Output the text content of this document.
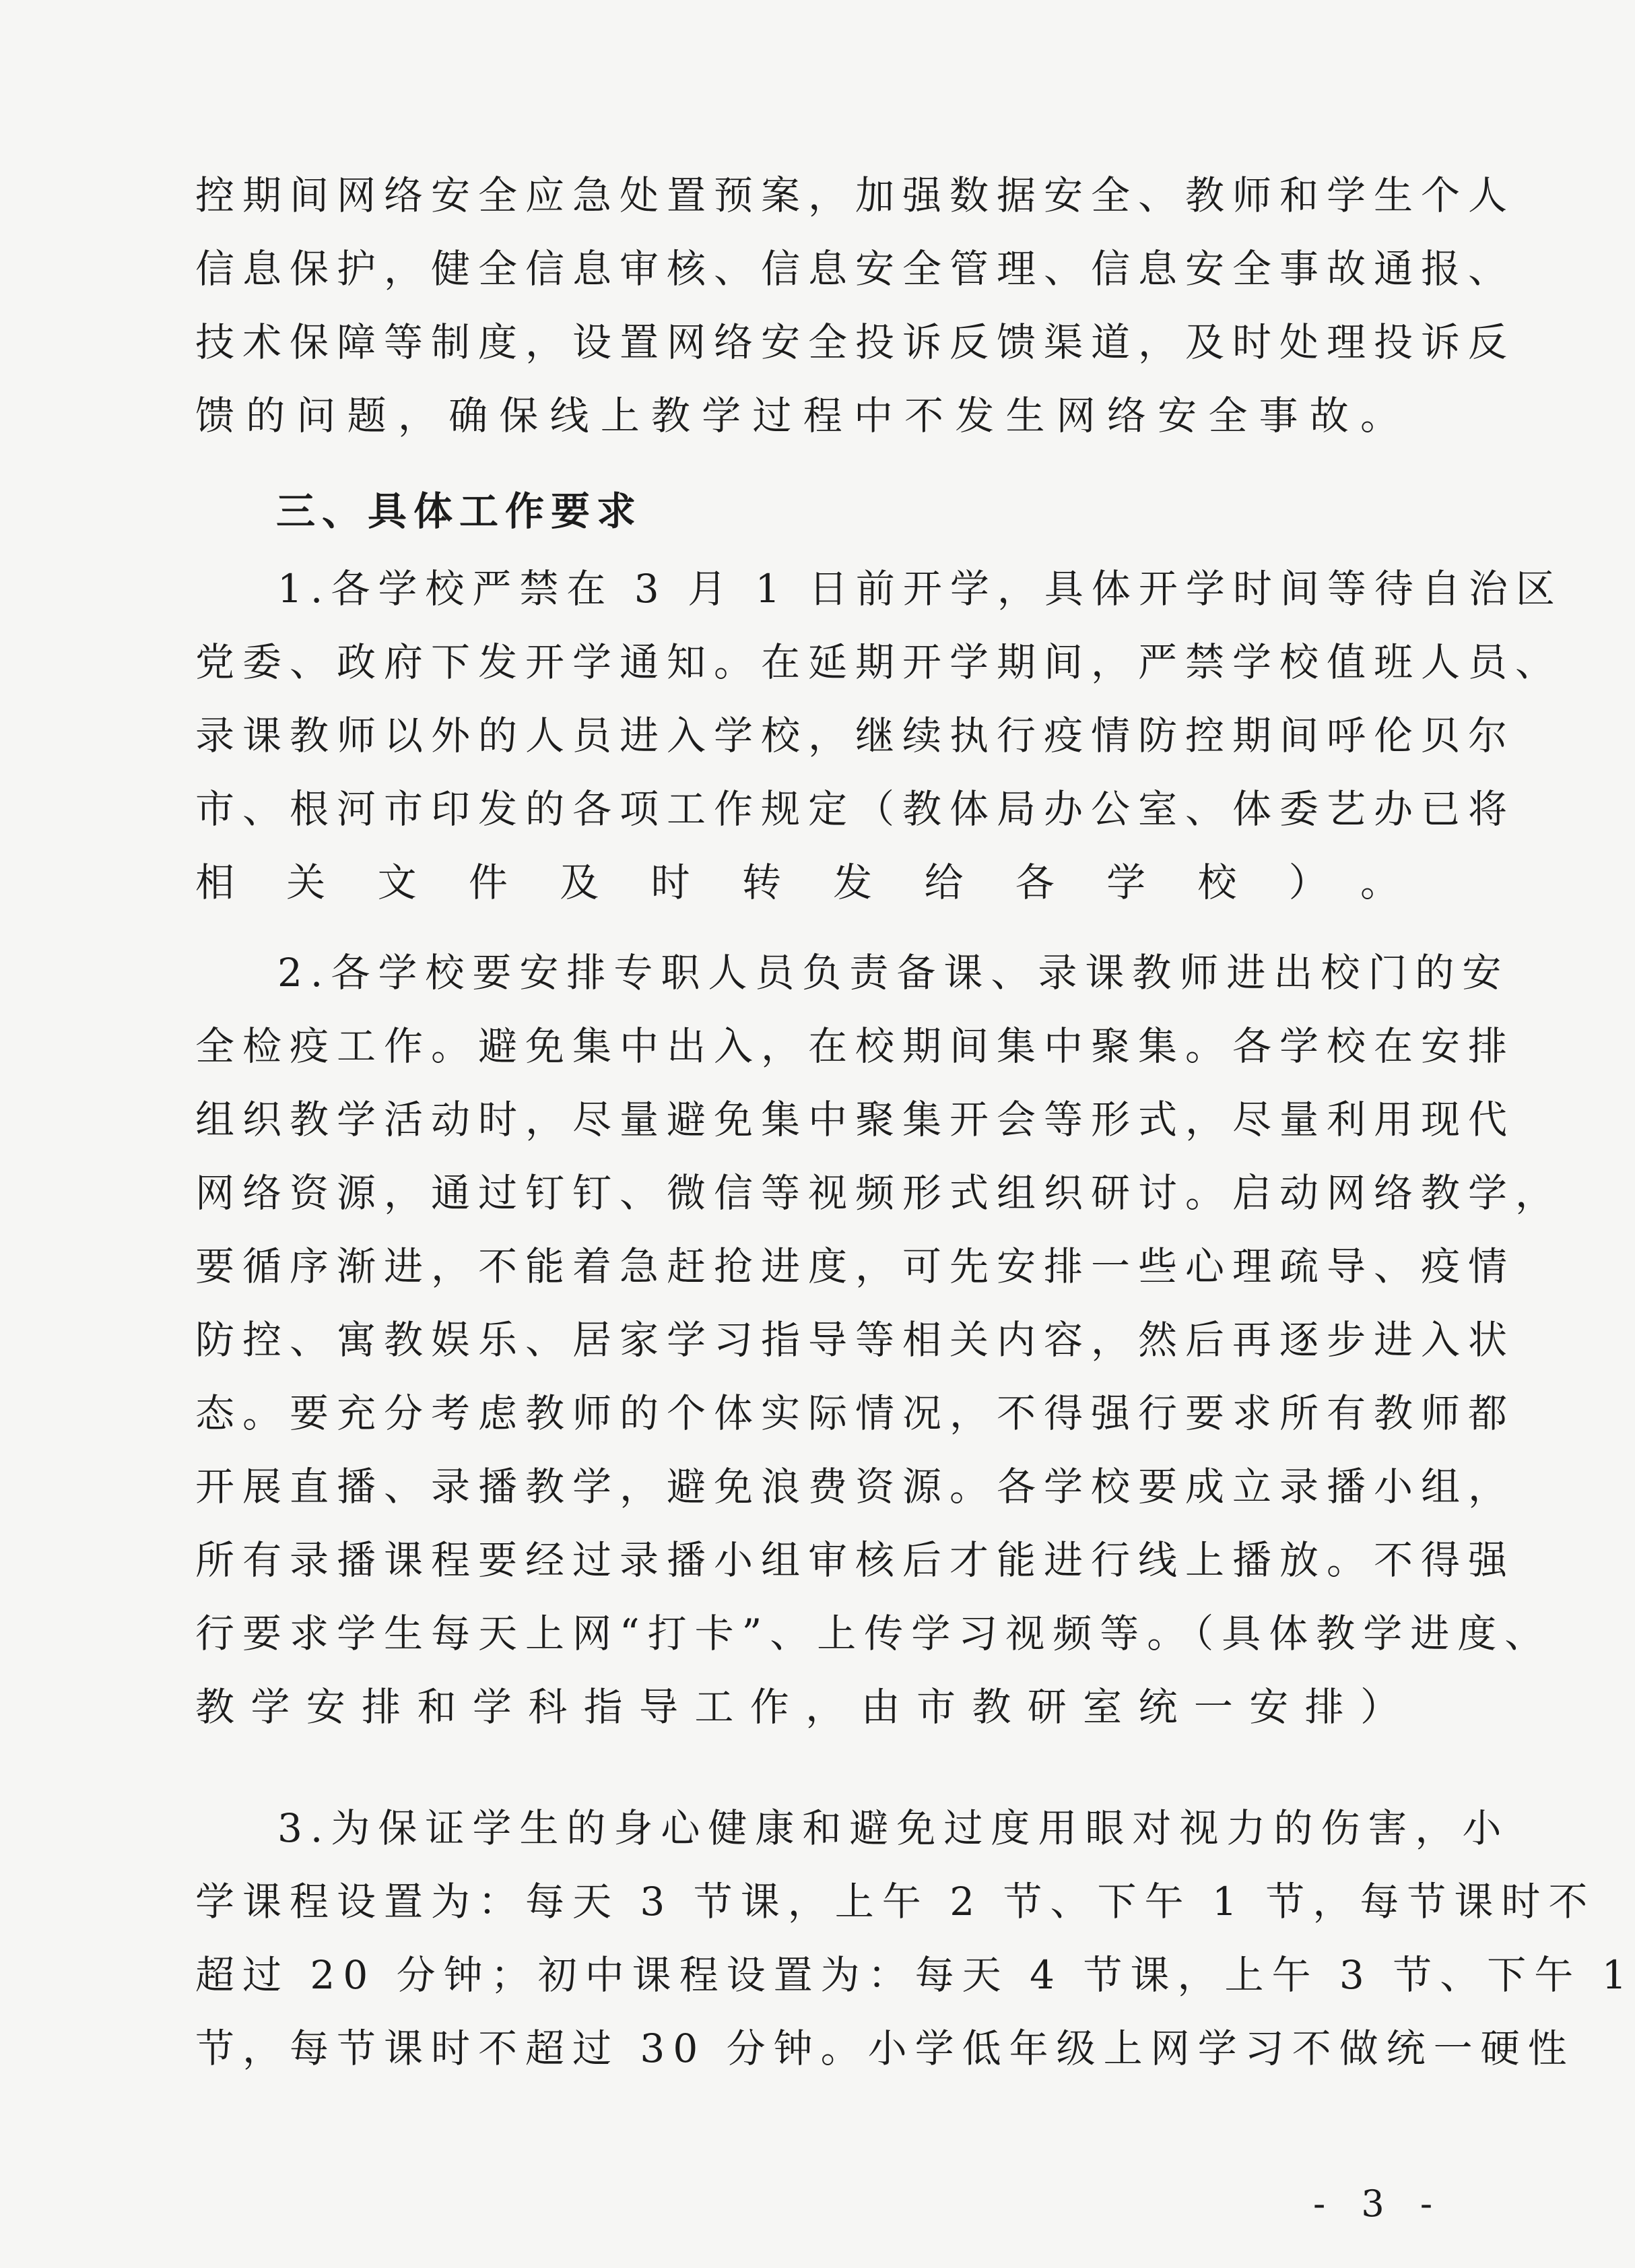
控期间网络安全应急处置预案，加强数据安全、教师和学生个人
信息保护，健全信息审核、信息安全管理、信息安全事故通报、
技术保障等制度，设置网络安全投诉反馈渠道，及时处理投诉反
馈的问题，确保线上教学过程中不发生网络安全事故。
三、具体工作要求
1.各学校严禁在 3 月 1 日前开学，具体开学时间等待自治区
党委、政府下发开学通知。在延期开学期间，严禁学校值班人员、
录课教师以外的人员进入学校，继续执行疫情防控期间呼伦贝尔
市、根河市印发的各项工作规定（教体局办公室、体委艺办已将
相关文件及时转发给各学校）。
2.各学校要安排专职人员负责备课、录课教师进出校门的安
全检疫工作。避免集中出入，在校期间集中聚集。各学校在安排
组织教学活动时，尽量避免集中聚集开会等形式，尽量利用现代
网络资源，通过钉钉、微信等视频形式组织研讨。启动网络教学，
要循序渐进，不能着急赶抢进度，可先安排一些心理疏导、疫情
防控、寓教娱乐、居家学习指导等相关内容，然后再逐步进入状
态。要充分考虑教师的个体实际情况，不得强行要求所有教师都
开展直播、录播教学，避免浪费资源。各学校要成立录播小组，
所有录播课程要经过录播小组审核后才能进行线上播放。不得强
行要求学生每天上网“打卡”、上传学习视频等。（具体教学进度、
教学安排和学科指导工作，由市教研室统一安排）
3.为保证学生的身心健康和避免过度用眼对视力的伤害，小
学课程设置为：每天 3 节课，上午 2 节、下午 1 节，每节课时不
超过 20 分钟；初中课程设置为：每天 4 节课，上午 3 节、下午 1
节，每节课时不超过 30 分钟。小学低年级上网学习不做统一硬性
- 3 -
